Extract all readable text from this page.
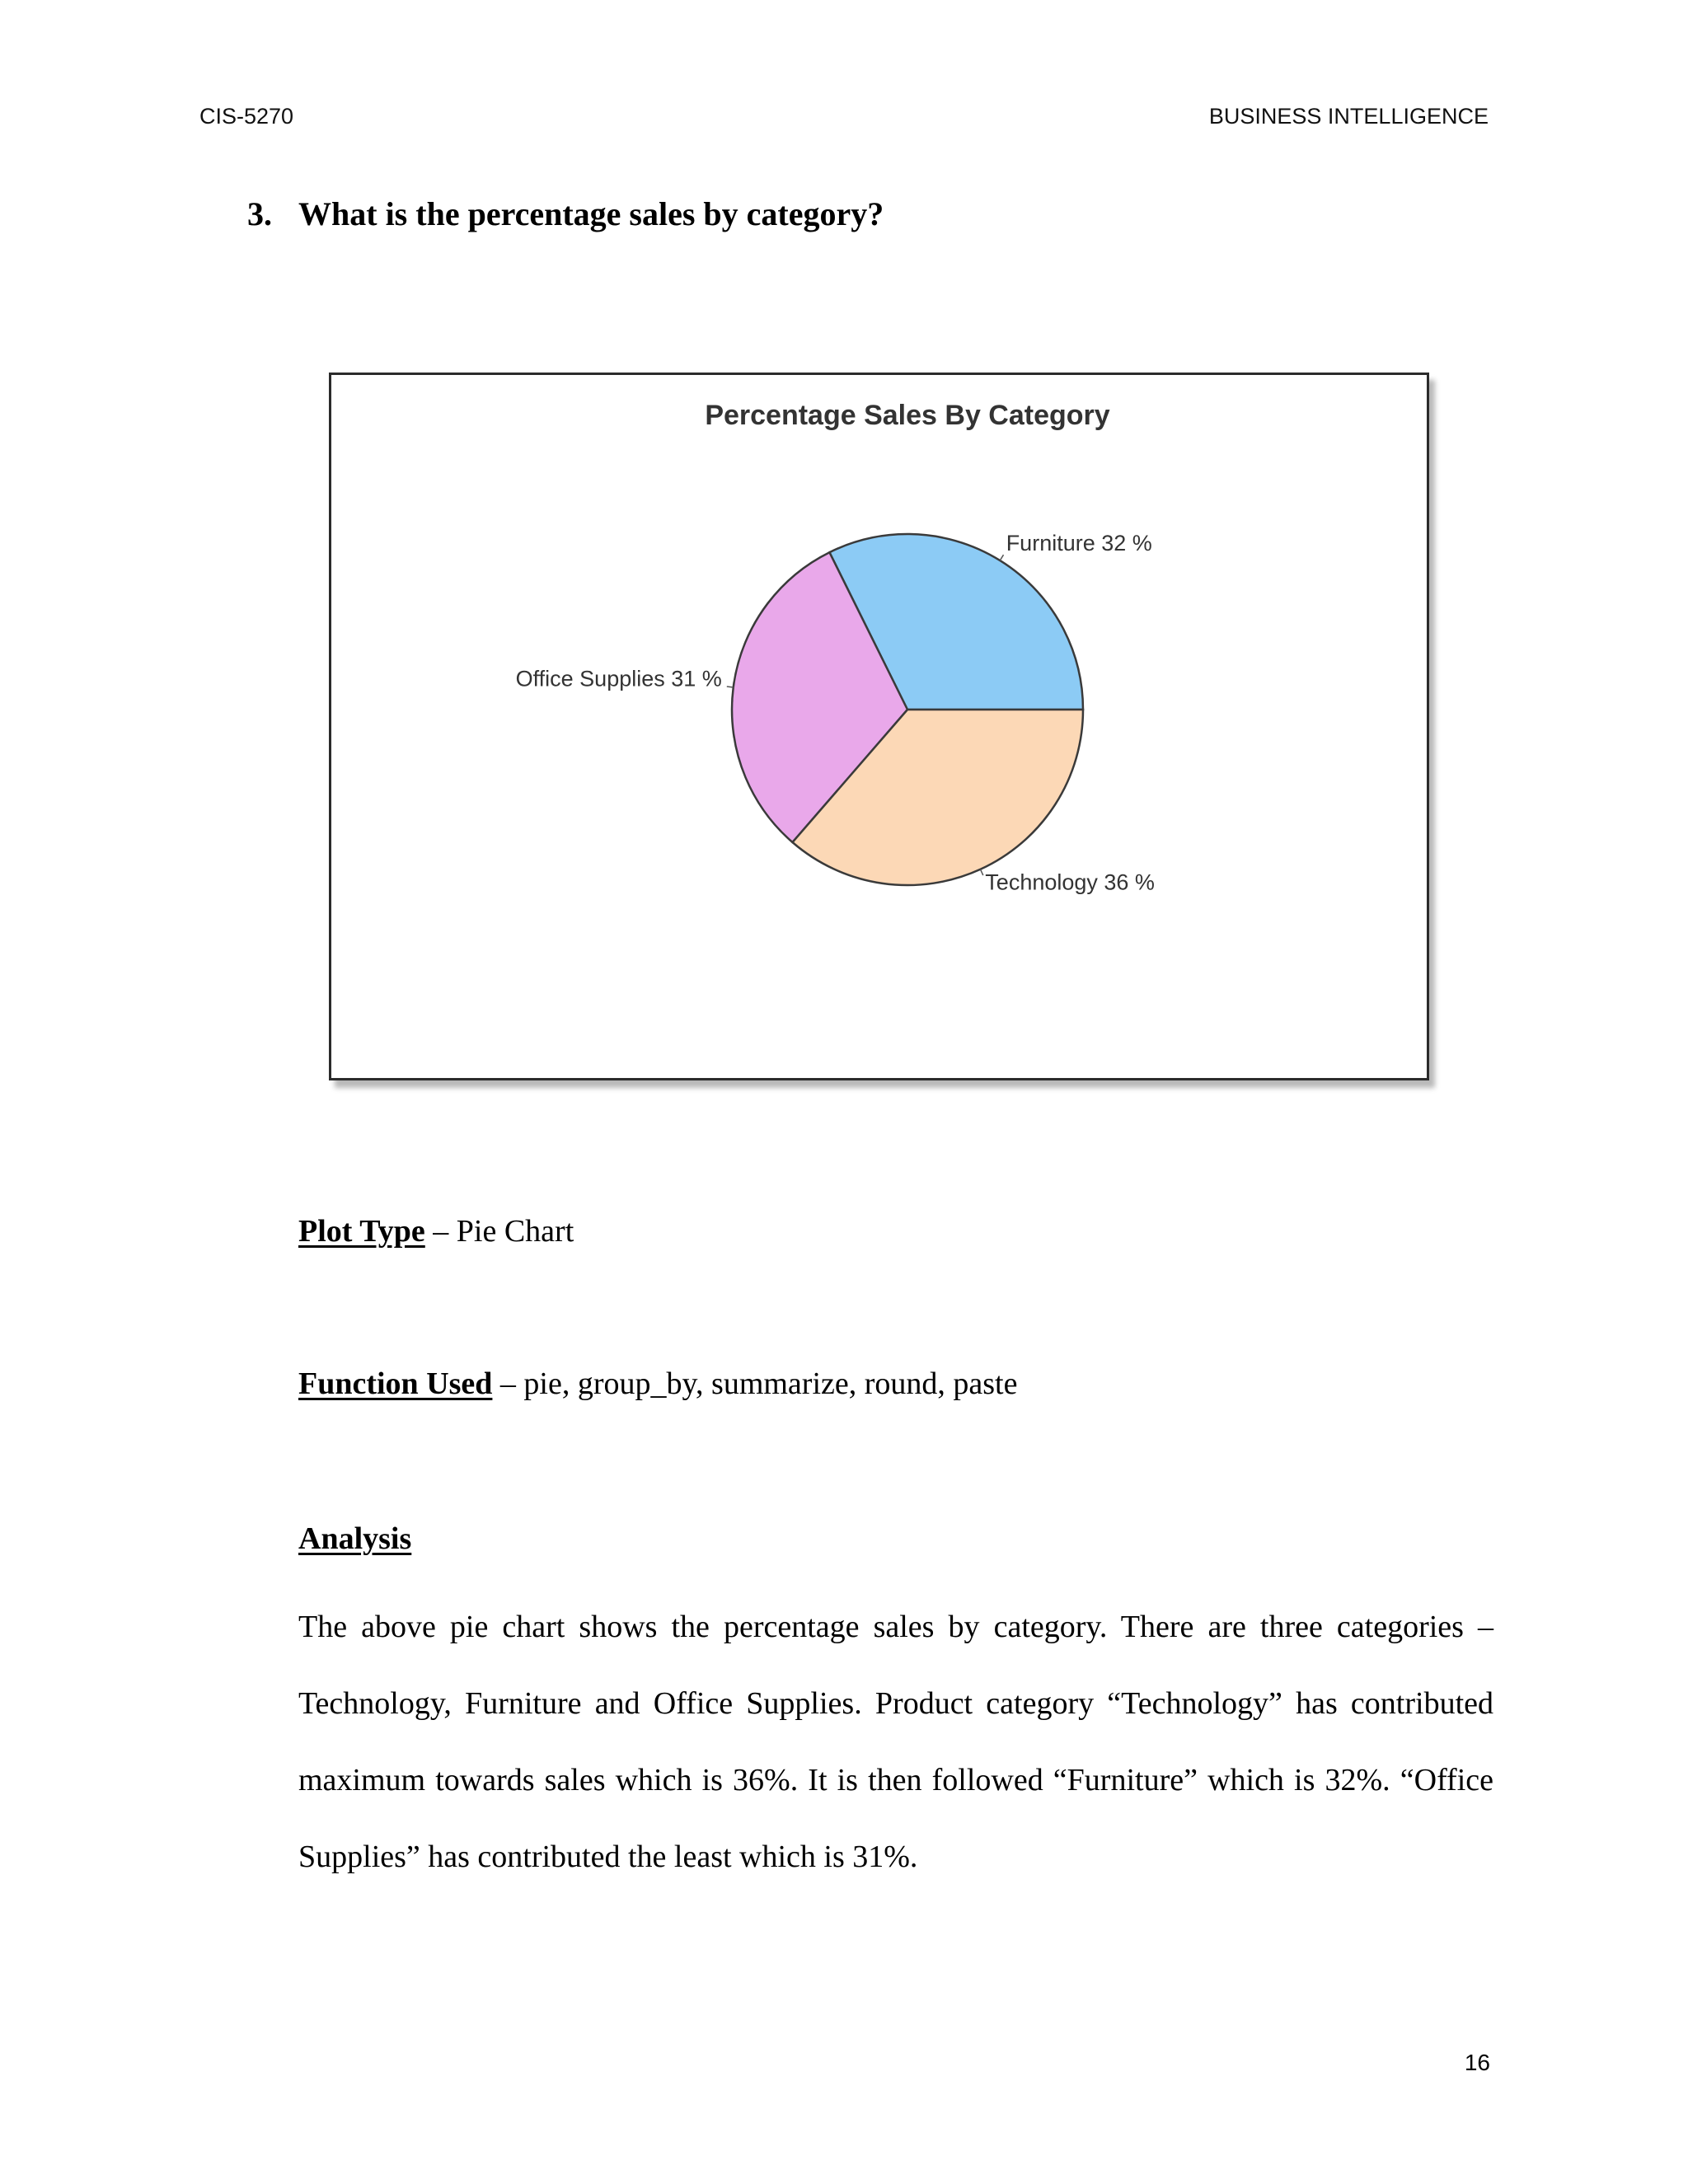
CIS-5270	BUSINESS INTELLIGENCE
3. What is the percentage sales by category?
Percentage Sales By Category
Furniture 32 %
Office Supplies 31 %
Technology 36 %
Plot Type – Pie Chart
Function Used – pie, group_by, summarize, round, paste
Analysis
The above pie chart shows the percentage sales by category. There are three categories – Technology, Furniture and Office Supplies. Product category “Technology” has contributed maximum towards sales which is 36%. It is then followed “Furniture” which is 32%. “Office Supplies” has contributed the least which is 31%.
16
